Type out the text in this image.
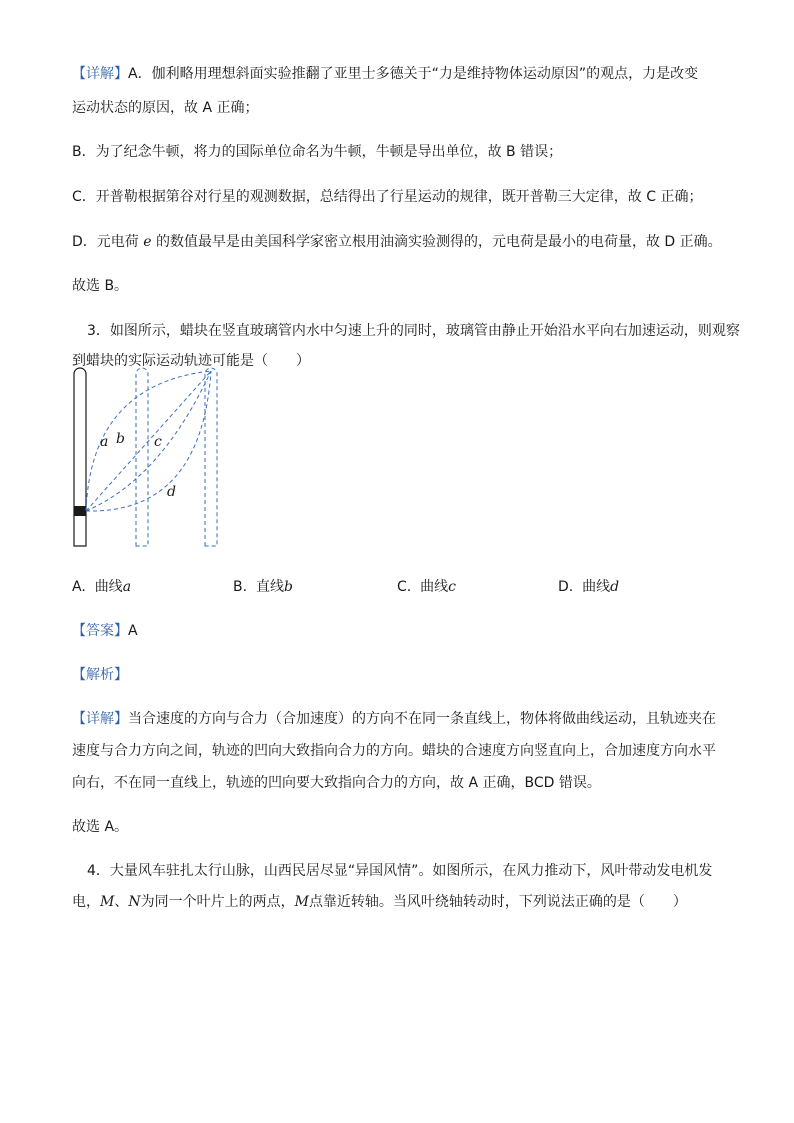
【详解】A．伽利略用理想斜面实验推翻了亚里士多德关于“力是维持物体运动原因”的观点，力是改变
运动状态的原因，故 A 正确；
B．为了纪念牛顿，将力的国际单位命名为牛顿，牛顿是导出单位，故 B 错误；
C．开普勒根据第谷对行星的观测数据，总结得出了行星运动的规律，既开普勒三大定律，故 C 正确；
D．元电荷 e 的数值最早是由美国科学家密立根用油滴实验测得的，元电荷是最小的电荷量，故 D 正确。
故选 B。
3．如图所示，蜡块在竖直玻璃管内水中匀速上升的同时，玻璃管由静止开始沿水平向右加速运动，则观察
到蜡块的实际运动轨迹可能是（　　）
a b c
d
A. 曲线a	B. 直线b	C. 曲线c	D. 曲线d
【答案】A
【解析】
【详解】当合速度的方向与合力（合加速度）的方向不在同一条直线上，物体将做曲线运动，且轨迹夹在
速度与合力方向之间，轨迹的凹向大致指向合力的方向。蜡块的合速度方向竖直向上，合加速度方向水平
向右，不在同一直线上，轨迹的凹向要大致指向合力的方向，故 A 正确，BCD 错误。
故选 A。
4．大量风车驻扎太行山脉，山西民居尽显“异国风情”。如图所示，在风力推动下，风叶带动发电机发
电，M、N为同一个叶片上的两点，M点靠近转轴。当风叶绕轴转动时，下列说法正确的是（　　）
